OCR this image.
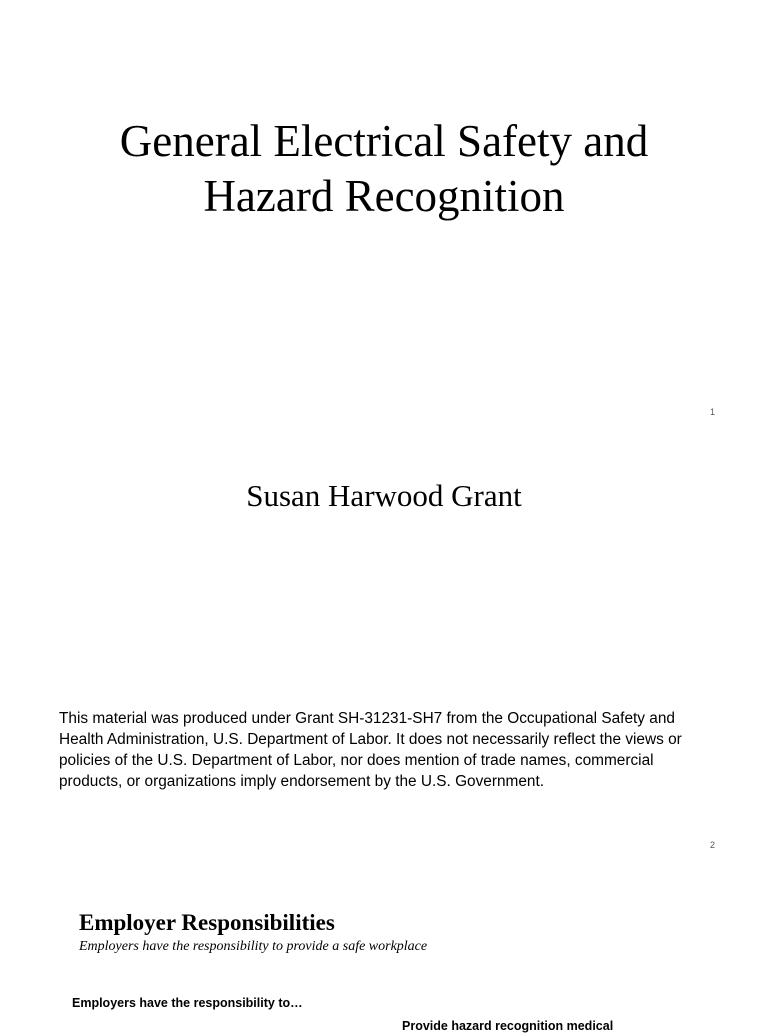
General Electrical Safety and
Hazard Recognition
1
Susan Harwood Grant
This material was produced under Grant SH-31231-SH7 from the Occupational Safety and Health Administration, U.S. Department of Labor. It does not necessarily reflect the views or policies of the U.S. Department of Labor, nor does mention of trade names, commercial products, or organizations imply endorsement by the U.S. Government.
2
Employer Responsibilities
Employers have the responsibility to provide a safe workplace
Employers have the responsibility to…
Provide hazard recognition medical
